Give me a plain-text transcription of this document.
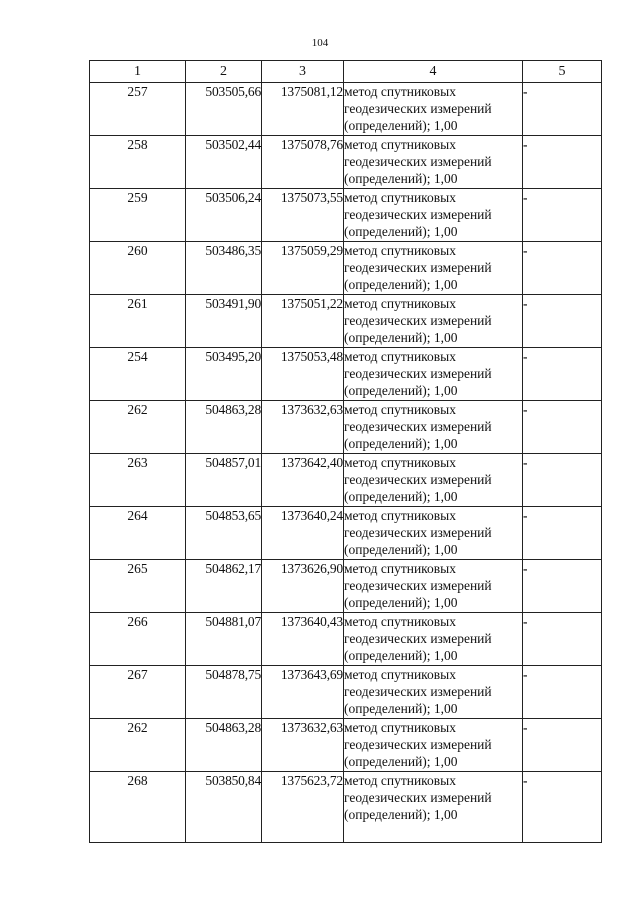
104
1	2	3	4	5
257	503505,66	1375081,12	метод спутниковых геодезических измерений (определений); 1,00	-
258	503502,44	1375078,76	метод спутниковых геодезических измерений (определений); 1,00	-
259	503506,24	1375073,55	метод спутниковых геодезических измерений (определений); 1,00	-
260	503486,35	1375059,29	метод спутниковых геодезических измерений (определений); 1,00	-
261	503491,90	1375051,22	метод спутниковых геодезических измерений (определений); 1,00	-
254	503495,20	1375053,48	метод спутниковых геодезических измерений (определений); 1,00	-
262	504863,28	1373632,63	метод спутниковых геодезических измерений (определений); 1,00	-
263	504857,01	1373642,40	метод спутниковых геодезических измерений (определений); 1,00	-
264	504853,65	1373640,24	метод спутниковых геодезических измерений (определений); 1,00	-
265	504862,17	1373626,90	метод спутниковых геодезических измерений (определений); 1,00	-
266	504881,07	1373640,43	метод спутниковых геодезических измерений (определений); 1,00	-
267	504878,75	1373643,69	метод спутниковых геодезических измерений (определений); 1,00	-
262	504863,28	1373632,63	метод спутниковых геодезических измерений (определений); 1,00	-
268	503850,84	1375623,72	метод спутниковых геодезических измерений (определений); 1,00	-
